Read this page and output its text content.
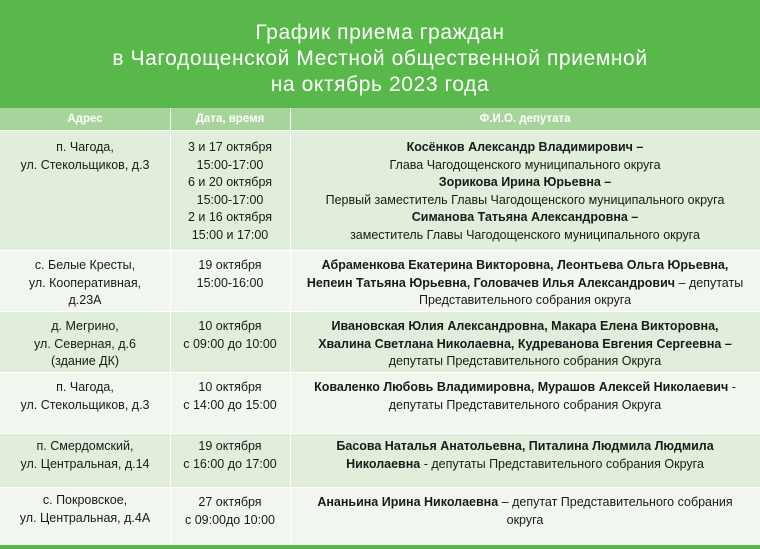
График приема граждан
в Чагодощенской Местной общественной приемной
на октябрь 2023 года
Адрес	Дата, время	Ф.И.О. депутата
п. Чагода,
ул. Стекольщиков, д.3
3 и 17 октября
15:00-17:00
6 и 20 октября
15:00-17:00
2 и 16 октября
15:00 и 17:00
Косёнков Александр Владимирович –
Глава Чагодощенского муниципального округа
Зорикова Ирина Юрьевна –
Первый заместитель Главы Чагодощенского муниципального округа
Симанова Татьяна Александровна –
заместитель Главы Чагодощенского муниципального округа
с. Белые Кресты,
ул. Кооперативная,
д.23А
19 октября
15:00-16:00
Абраменкова Екатерина Викторовна, Леонтьева Ольга Юрьевна,
Непеин Татьяна Юрьевна, Головачев Илья Александрович – депутаты
Представительного собрания округа
д. Мегрино,
ул. Северная, д.6
(здание ДК)
10 октября
с 09:00 до 10:00
Ивановская Юлия Александровна, Макара Елена Викторовна,
Хвалина Светлана Николаевна, Кудреванова Евгения Сергеевна –
депутаты Представительного собрания Округа
п. Чагода,
ул. Стекольщиков, д.3
10 октября
с 14:00 до 15:00
Коваленко Любовь Владимировна, Мурашов Алексей Николаевич -
депутаты Представительного собрания Округа
п. Смердомский,
ул. Центральная, д.14
19 октября
с 16:00 до 17:00
Басова Наталья Анатольевна, Питалина Людмила Людмила
Николаевна - депутаты Представительного собрания Округа
с. Покровское,
ул. Центральная, д.4А
27 октября
с 09:00до 10:00
Ананьина Ирина Николаевна – депутат Представительного собрания
округа
